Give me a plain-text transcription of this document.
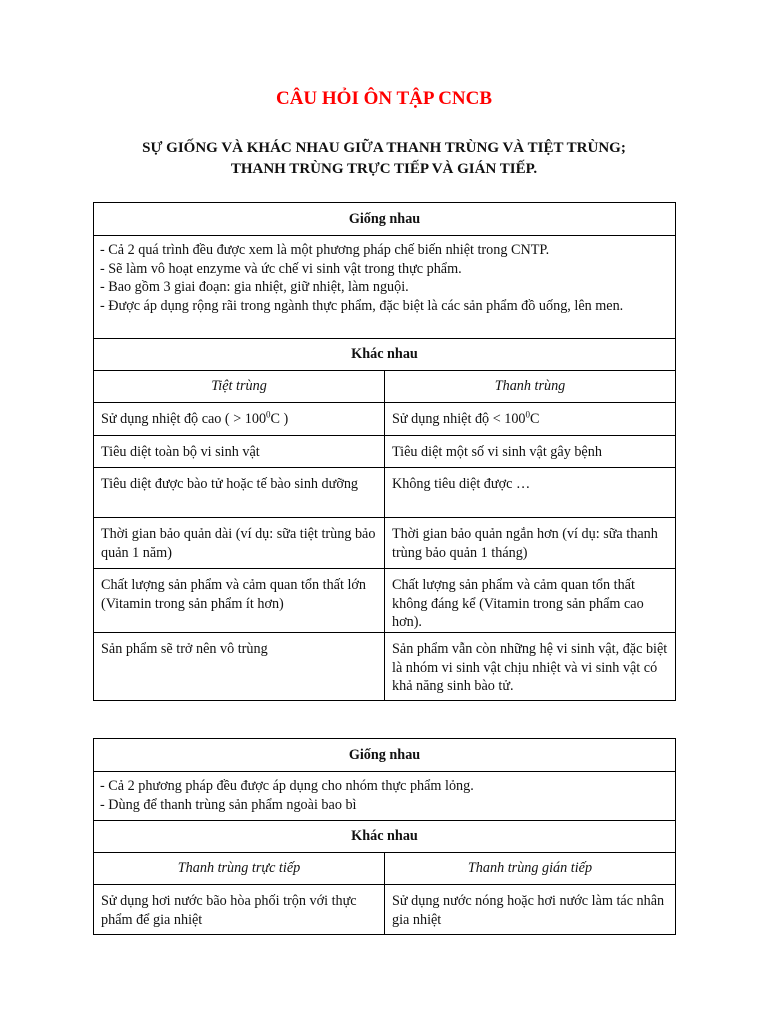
CÂU HỎI ÔN TẬP CNCB
SỰ GIỐNG VÀ KHÁC NHAU GIỮA THANH TRÙNG VÀ TIỆT TRÙNG;
THANH TRÙNG TRỰC TIẾP VÀ GIÁN TIẾP.
Giống nhau	

- Cả 2 quá trình đều được xem là một phương pháp chế biến nhiệt trong CNTP.
- Sẽ làm vô hoạt enzyme và ức chế vi sinh vật trong thực phẩm.
- Bao gồm 3 giai đoạn: gia nhiệt, giữ nhiệt, làm nguội.
- Được áp dụng rộng rãi trong ngành thực phẩm, đặc biệt là các sản phẩm đồ uống, lên men.	

Khác nhau	
Tiệt trùng	Thanh trùng
Sử dụng nhiệt độ cao ( > $100^0C$ )	Sử dụng nhiệt độ < $100^0C$
Tiêu diệt toàn bộ vi sinh vật	Tiêu diệt một số vi sinh vật gây bệnh
Tiêu diệt được bào tử hoặc tế bào sinh dưỡng	Không tiêu diệt được …
Thời gian bảo quản dài (ví dụ: sữa tiệt trùng bảo quản 1 năm)	Thời gian bảo quản ngắn hơn (ví dụ: sữa thanh trùng bảo quản 1 tháng)
Chất lượng sản phẩm và cảm quan tổn thất lớn (Vitamin trong sản phẩm ít hơn)	Chất lượng sản phẩm và cảm quan tổn thất không đáng kể (Vitamin trong sản phẩm cao hơn).
Sản phẩm sẽ trở nên vô trùng	Sản phẩm vẫn còn những hệ vi sinh vật, đặc biệt là nhóm vi sinh vật chịu nhiệt và vi sinh vật có khả năng sinh bào tử.
Giống nhau	

- Cả 2 phương pháp đều được áp dụng cho nhóm thực phẩm lỏng.
- Dùng để thanh trùng sản phẩm ngoài bao bì	

Khác nhau	
Thanh trùng trực tiếp	Thanh trùng gián tiếp
Sử dụng hơi nước bão hòa phối trộn với thực phẩm để gia nhiệt	Sử dụng nước nóng hoặc hơi nước làm tác nhân gia nhiệt
